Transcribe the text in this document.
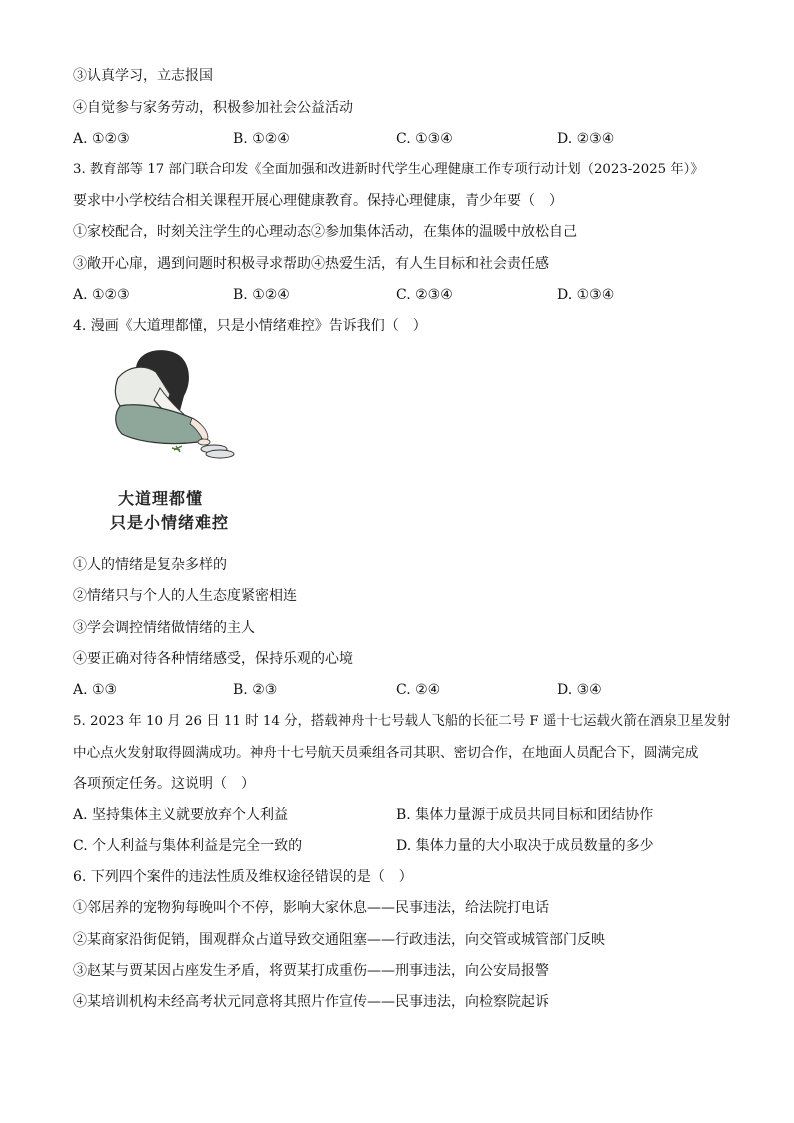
③认真学习，立志报国
④自觉参与家务劳动，积极参加社会公益活动
A. ①②③	B. ①②④	C. ①③④	D. ②③④
3. 教育部等 17 部门联合印发《全面加强和改进新时代学生心理健康工作专项行动计划（2023-2025 年）》
要求中小学校结合相关课程开展心理健康教育。保持心理健康，青少年要（　）
①家校配合，时刻关注学生的心理动态②参加集体活动，在集体的温暖中放松自己
③敞开心扉，遇到问题时积极寻求帮助④热爱生活，有人生目标和社会责任感
A. ①②③	B. ①②④	C. ②③④	D. ①③④
4. 漫画《大道理都懂，只是小情绪难控》告诉我们（　）
大道理都懂
只是小情绪难控
①人的情绪是复杂多样的
②情绪只与个人的人生态度紧密相连
③学会调控情绪做情绪的主人
④要正确对待各种情绪感受，保持乐观的心境
A. ①③	B. ②③	C. ②④	D. ③④
5. 2023 年 10 月 26 日 11 时 14 分，搭载神舟十七号载人飞船的长征二号 F 遥十七运载火箭在酒泉卫星发射
中心点火发射取得圆满成功。神舟十七号航天员乘组各司其职、密切合作，在地面人员配合下，圆满完成
各项预定任务。这说明（　）
A. 坚持集体主义就要放弃个人利益	B. 集体力量源于成员共同目标和团结协作
C. 个人利益与集体利益是完全一致的	D. 集体力量的大小取决于成员数量的多少
6. 下列四个案件的违法性质及维权途径错误的是（　）
①邻居养的宠物狗每晚叫个不停，影响大家休息——民事违法，给法院打电话
②某商家沿街促销，围观群众占道导致交通阻塞——行政违法，向交管或城管部门反映
③赵某与贾某因占座发生矛盾，将贾某打成重伤——刑事违法，向公安局报警
④某培训机构未经高考状元同意将其照片作宣传——民事违法，向检察院起诉
